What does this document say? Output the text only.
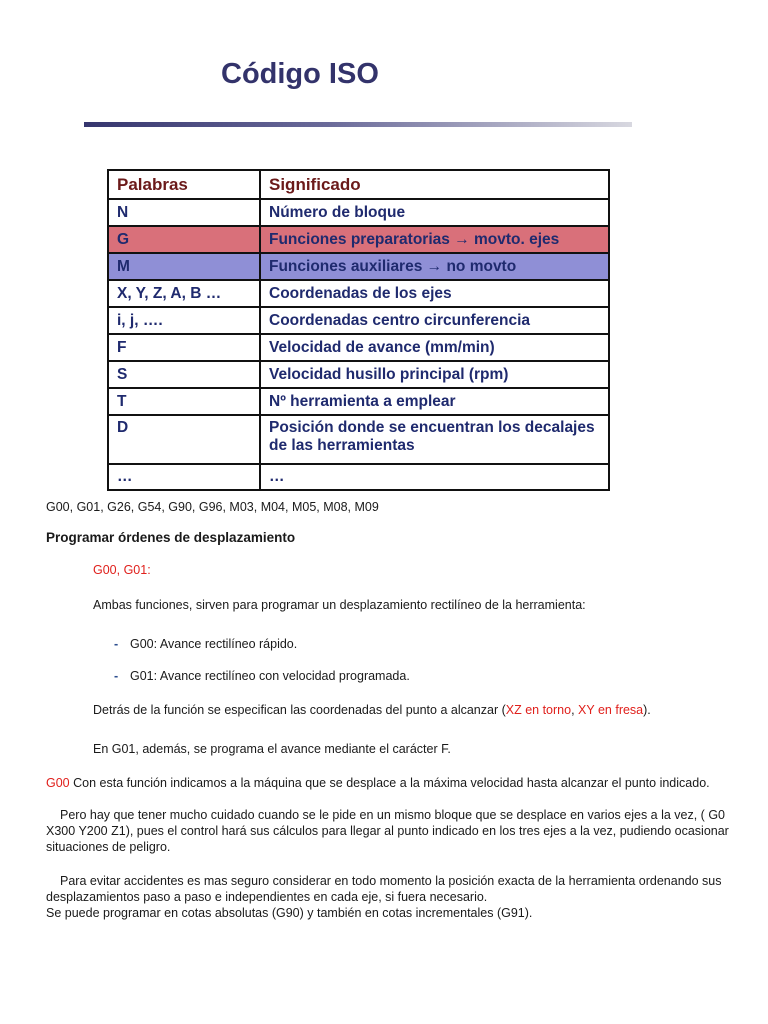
Código ISO
Palabras	Significado
N	Número de bloque
G	Funciones preparatorias → movto. ejes
M	Funciones auxiliares → no movto
X, Y, Z, A, B …	Coordenadas de los ejes
i, j, ….	Coordenadas centro circunferencia
F	Velocidad de avance (mm/min)
S	Velocidad husillo principal (rpm)
T	Nº herramienta a emplear
D	Posición donde se encuentran los decalajes de las herramientas
…	…

G00, G01, G26, G54, G90, G96, M03, M04, M05, M08, M09

Programar órdenes de desplazamiento

G00, G01:

Ambas funciones, sirven para programar un desplazamiento rectilíneo de la herramienta:

- G00: Avance rectilíneo rápido.

- G01: Avance rectilíneo con velocidad programada.

Detrás de la función se especifican las coordenadas del punto a alcanzar (XZ en torno, XY en fresa).

En G01, además, se programa el avance mediante el carácter F.

G00 Con esta función indicamos a la máquina que se desplace a la máxima velocidad hasta alcanzar el punto indicado.

Pero hay que tener mucho cuidado cuando se le pide en un mismo bloque que se desplace en varios ejes a la vez, ( G0 X300 Y200 Z1), pues el control hará sus cálculos para llegar al punto indicado en los tres ejes a la vez, pudiendo ocasionar situaciones de peligro.

Para evitar accidentes es mas seguro considerar en todo momento la posición exacta de la herramienta ordenando sus desplazamientos paso a paso e independientes en cada eje, si fuera necesario.

Se puede programar en cotas absolutas (G90) y también en cotas incrementales (G91).
